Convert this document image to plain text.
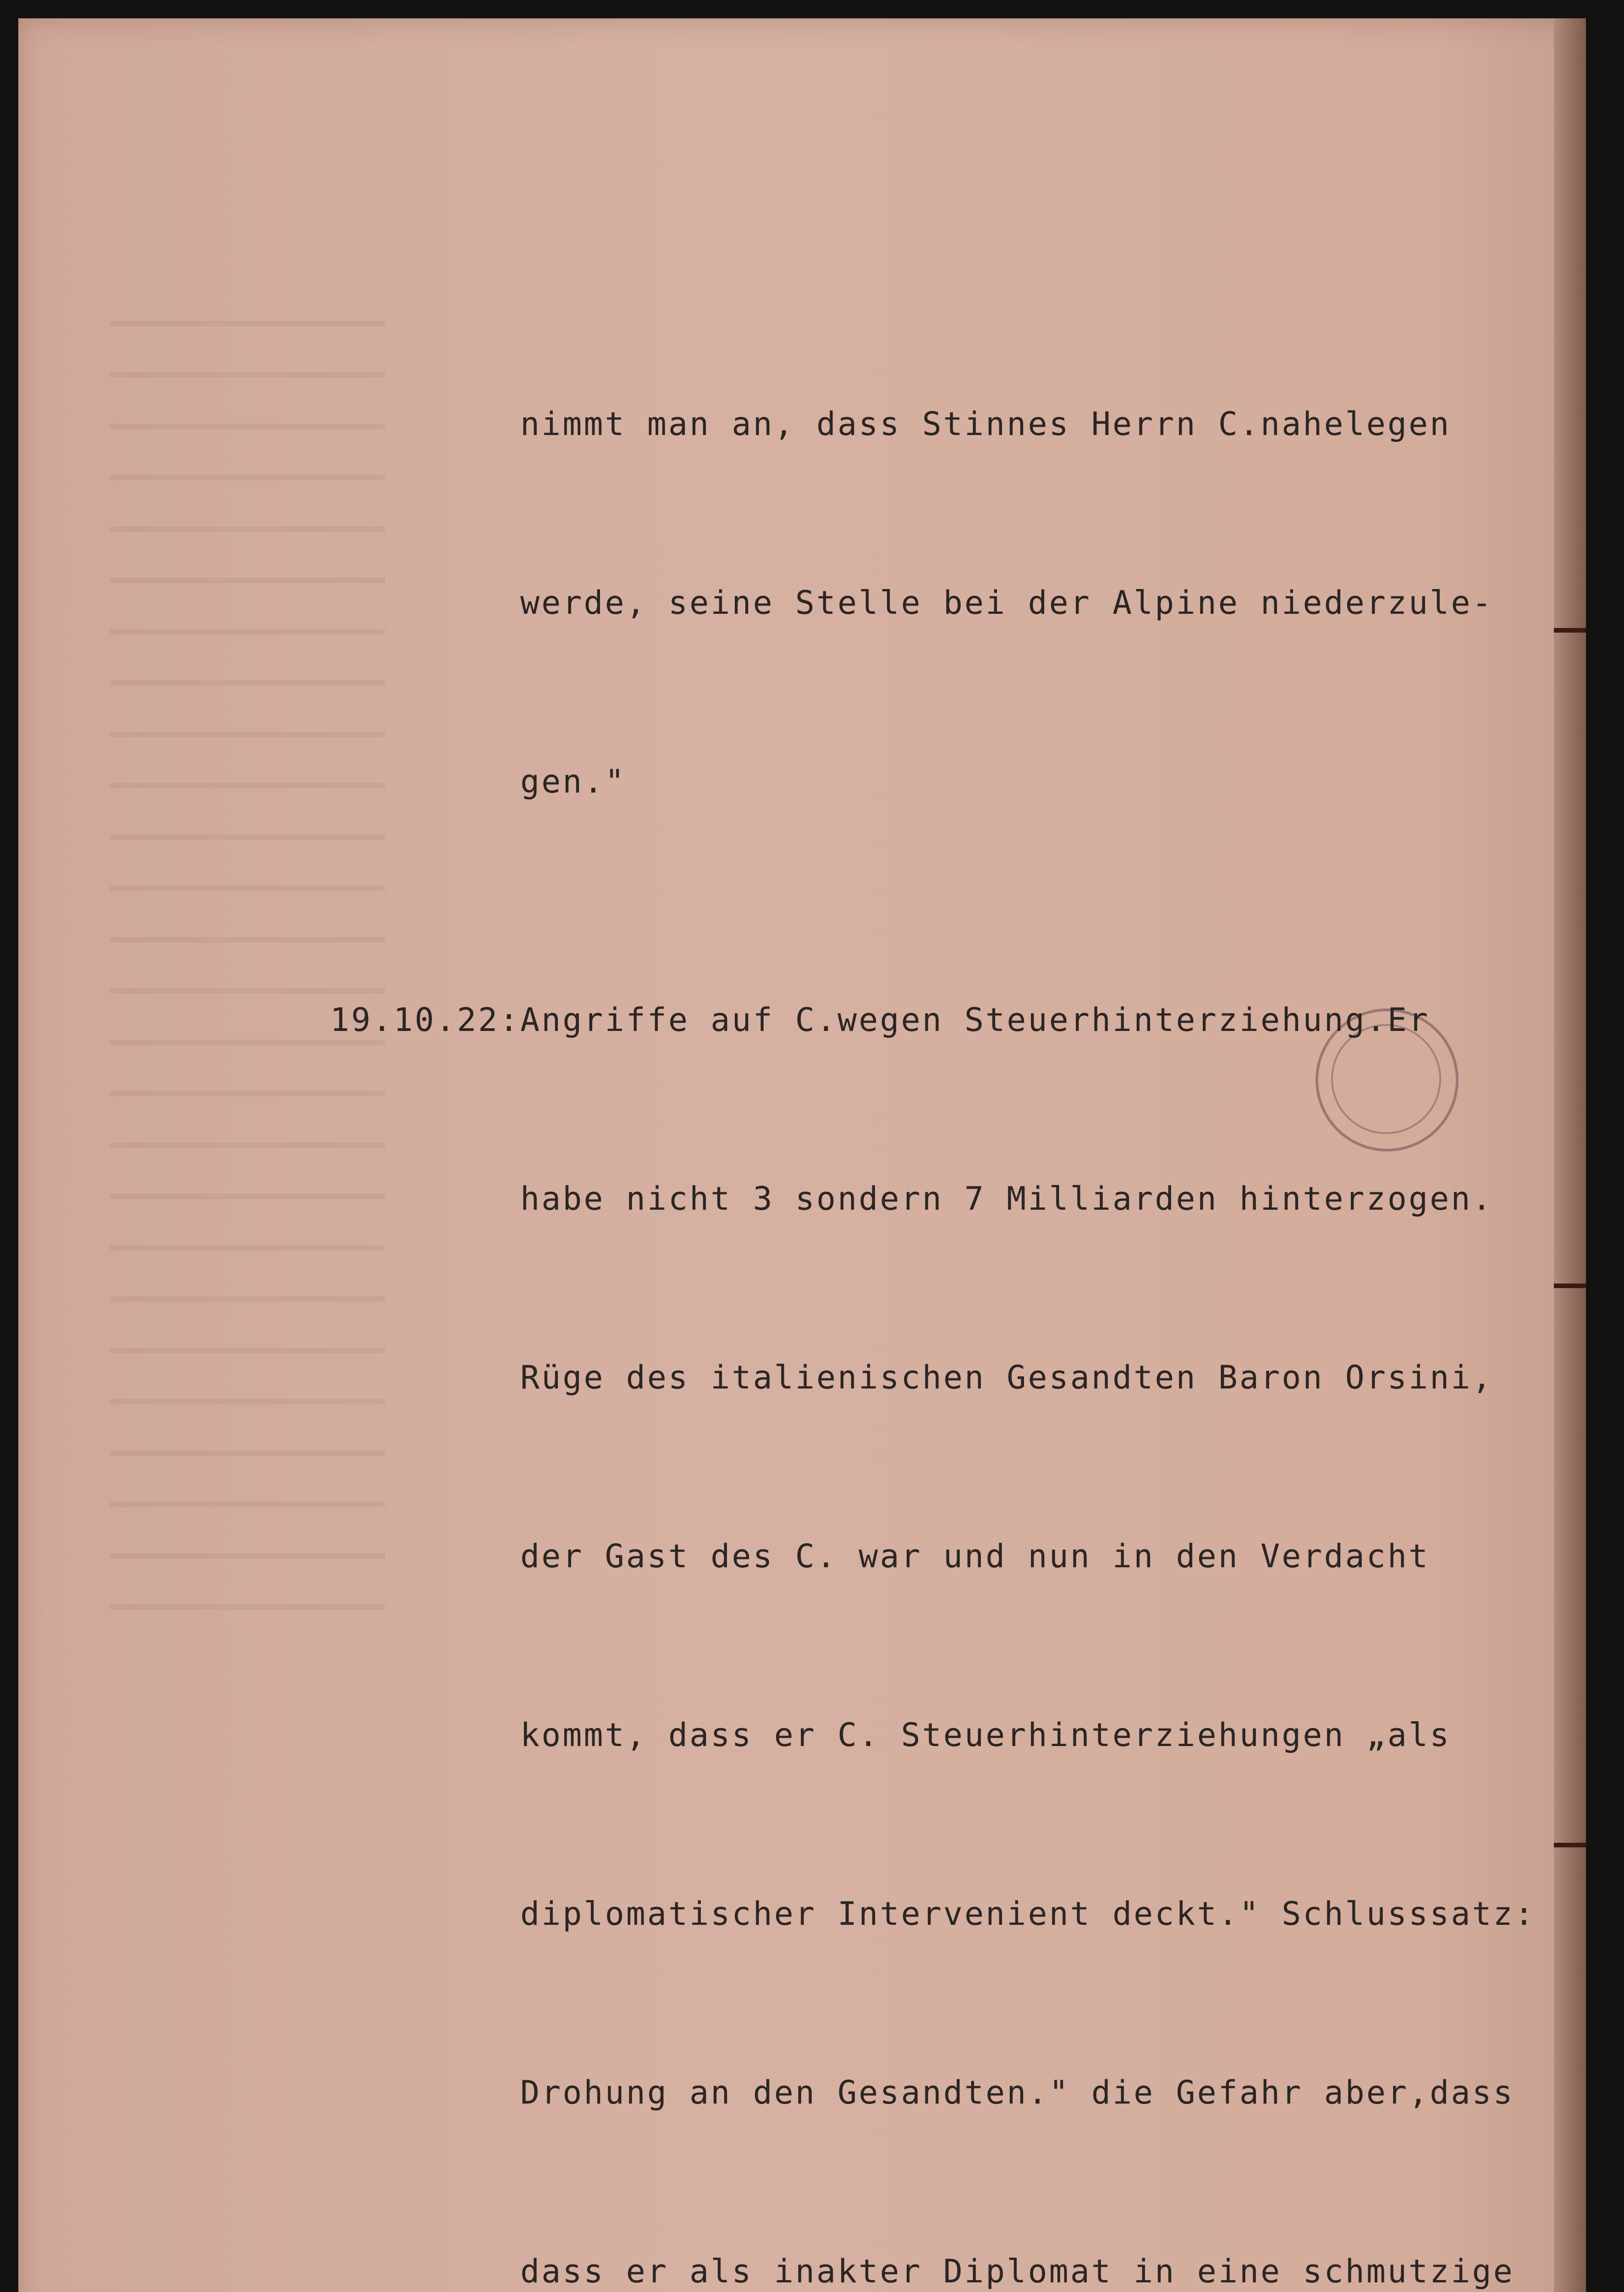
nimmt man an, dass Stinnes Herrn C.nahelegen

werde, seine Stelle bei der Alpine niederzule-

gen."

19.10.22:Angriffe auf C.wegen Steuerhinterziehung.Er

habe nicht 3 sondern 7 Milliarden hinterzogen.

Rüge des italienischen Gesandten Baron Orsini,

der Gast des C. war und nun in den Verdacht

kommt, dass er C. Steuerhinterziehungen „als

diplomatischer Intervenient deckt." Schlusssatz:

Drohung an den Gesandten." die Gefahr aber,dass

dass er als inakter Diplomat in eine schmutzige
